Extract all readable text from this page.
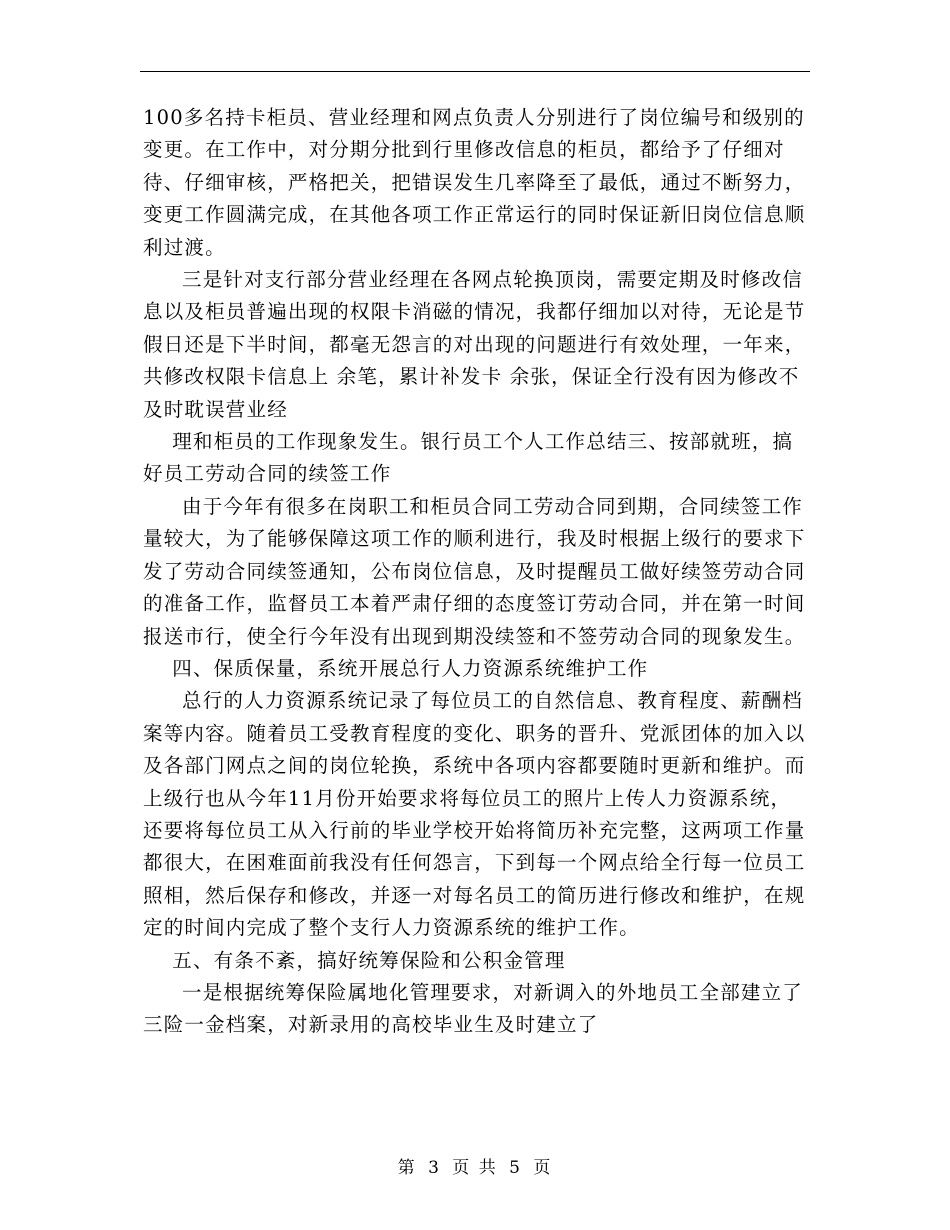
100多名持卡柜员、营业经理和网点负责人分别进行了岗位编号和级别的变更。在工作中，对分期分批到行里修改信息的柜员，都给予了仔细对待、仔细审核，严格把关，把错误发生几率降至了最低，通过不断努力，变更工作圆满完成，在其他各项工作正常运行的同时保证新旧岗位信息顺利过渡。

三是针对支行部分营业经理在各网点轮换顶岗，需要定期及时修改信息以及柜员普遍出现的权限卡消磁的情况，我都仔细加以对待，无论是节假日还是下半时间，都毫无怨言的对出现的问题进行有效处理，一年来，共修改权限卡信息上 余笔，累计补发卡 余张，保证全行没有因为修改不及时耽误营业经

理和柜员的工作现象发生。银行员工个人工作总结三、按部就班，搞好员工劳动合同的续签工作

由于今年有很多在岗职工和柜员合同工劳动合同到期，合同续签工作量较大，为了能够保障这项工作的顺利进行，我及时根据上级行的要求下发了劳动合同续签通知，公布岗位信息，及时提醒员工做好续签劳动合同的准备工作，监督员工本着严肃仔细的态度签订劳动合同，并在第一时间报送市行，使全行今年没有出现到期没续签和不签劳动合同的现象发生。

四、保质保量，系统开展总行人力资源系统维护工作

总行的人力资源系统记录了每位员工的自然信息、教育程度、薪酬档案等内容。随着员工受教育程度的变化、职务的晋升、党派团体的加入以及各部门网点之间的岗位轮换，系统中各项内容都要随时更新和维护。而上级行也从今年11月份开始要求将每位员工的照片上传人力资源系统，还要将每位员工从入行前的毕业学校开始将简历补充完整，这两项工作量都很大，在困难面前我没有任何怨言，下到每一个网点给全行每一位员工照相，然后保存和修改，并逐一对每名员工的简历进行修改和维护，在规定的时间内完成了整个支行人力资源系统的维护工作。

五、有条不紊，搞好统筹保险和公积金管理

一是根据统筹保险属地化管理要求，对新调入的外地员工全部建立了三险一金档案，对新录用的高校毕业生及时建立了

第 3 页 共 5 页
